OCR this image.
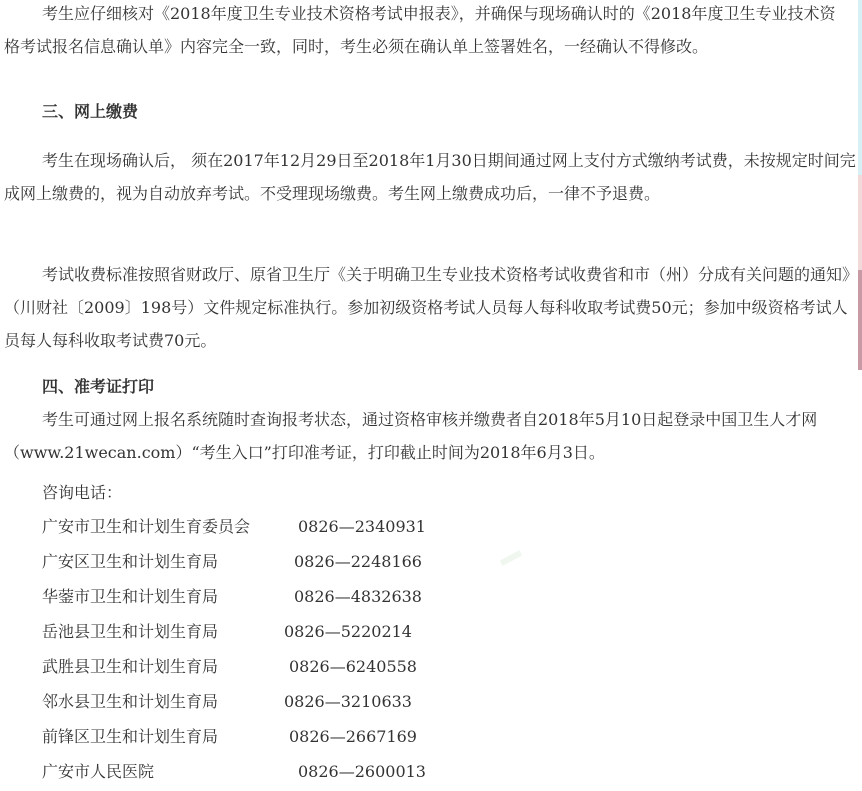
考生应仔细核对《2018年度卫生专业技术资格考试申报表》，并确保与现场确认时的《2018年度卫生专业技术资格考试报名信息确认单》内容完全一致，同时，考生必须在确认单上签署姓名，一经确认不得修改。

三、网上缴费

考生在现场确认后， 须在2017年12月29日至2018年1月30日期间通过网上支付方式缴纳考试费，未按规定时间完成网上缴费的，视为自动放弃考试。不受理现场缴费。考生网上缴费成功后，一律不予退费。

考试收费标准按照省财政厅、原省卫生厅《关于明确卫生专业技术资格考试收费省和市（州）分成有关问题的通知》（川财社〔2009〕198号）文件规定标准执行。参加初级资格考试人员每人每科收取考试费50元；参加中级资格考试人员每人每科收取考试费70元。

四、准考证打印

考生可通过网上报名系统随时查询报考状态，通过资格审核并缴费者自2018年5月10日起登录中国卫生人才网（www.21wecan.com）“考生入口”打印准考证，打印截止时间为2018年6月3日。

咨询电话：

广安市卫生和计划生育委员会	0826—2340931
广安区卫生和计划生育局	0826—2248166
华蓥市卫生和计划生育局	0826—4832638
岳池县卫生和计划生育局	0826—5220214
武胜县卫生和计划生育局	0826—6240558
邻水县卫生和计划生育局	0826—3210633
前锋区卫生和计划生育局	0826—2667169
广安市人民医院	0826—2600013
